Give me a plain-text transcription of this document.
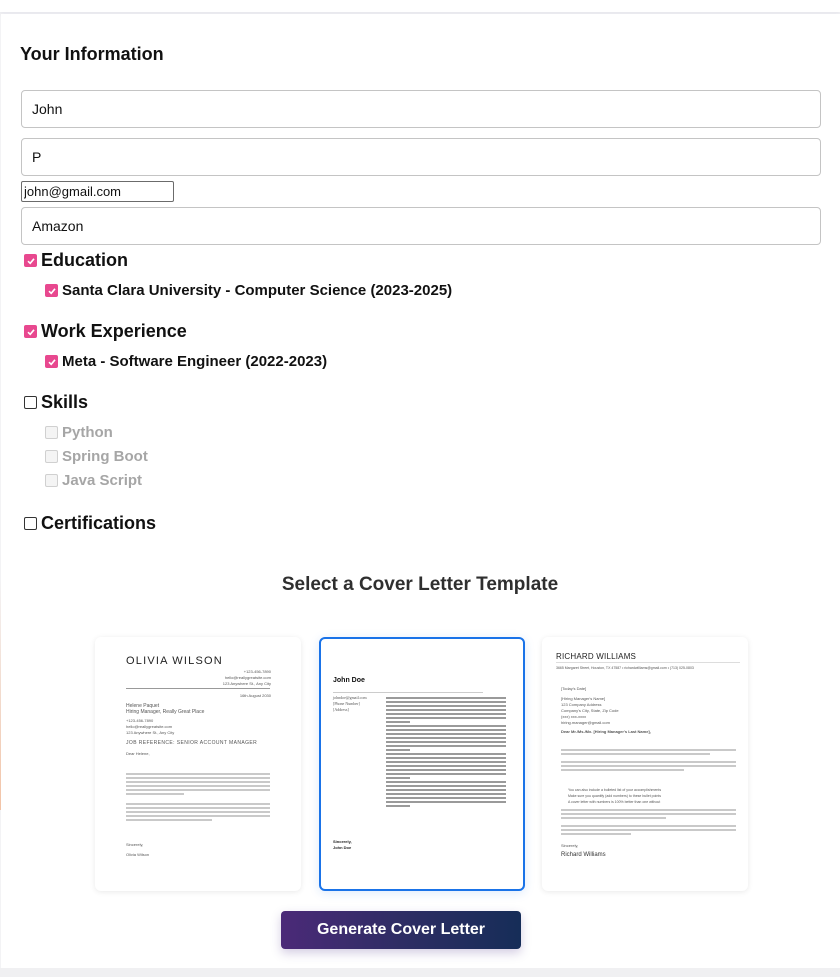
Your Information
John
P
john@gmail.com
Amazon
Education
Santa Clara University - Computer Science (2023-2025)
Work Experience
Meta - Software Engineer (2022-2023)
Skills
Python
Spring Boot
Java Script
Certifications
Select a Cover Letter Template
OLIVIA WILSON
+123-456-7890
hello@reallygreatsite.com
123 Anywhere St., Any City
16th August 2030
Helene Paquet
Hiring Manager, Really Great Place
+123-456-7890
hello@reallygreatsite.com
123 Anywhere St., Any City
JOB REFERENCE: SENIOR ACCOUNT MANAGER
Dear Helene,
Sincerely,
Olivia Wilson
John Doe
johndoe@gmail.com
[Phone Number]
[Address]
Sincerely,
John Doe
RICHARD WILLIAMS
3665 Margaret Street, Houston, TX 47587 • richardwilliams@gmail.com • (713) 025-0803
[Today's Date]
[Hiring Manager's Name]
123 Company Address
Company's City, State, Zip Code
(xxx) xxx-xxxx
hiring.manager@gmail.com
Dear Mr./Ms./Mx. [Hiring Manager's Last Name],
You can also include a bulleted list of your accomplishments
Make sure you quantify (add numbers) to these bullet points
A cover letter with numbers is 100% better than one without
Sincerely,
Richard Williams
Generate Cover Letter
